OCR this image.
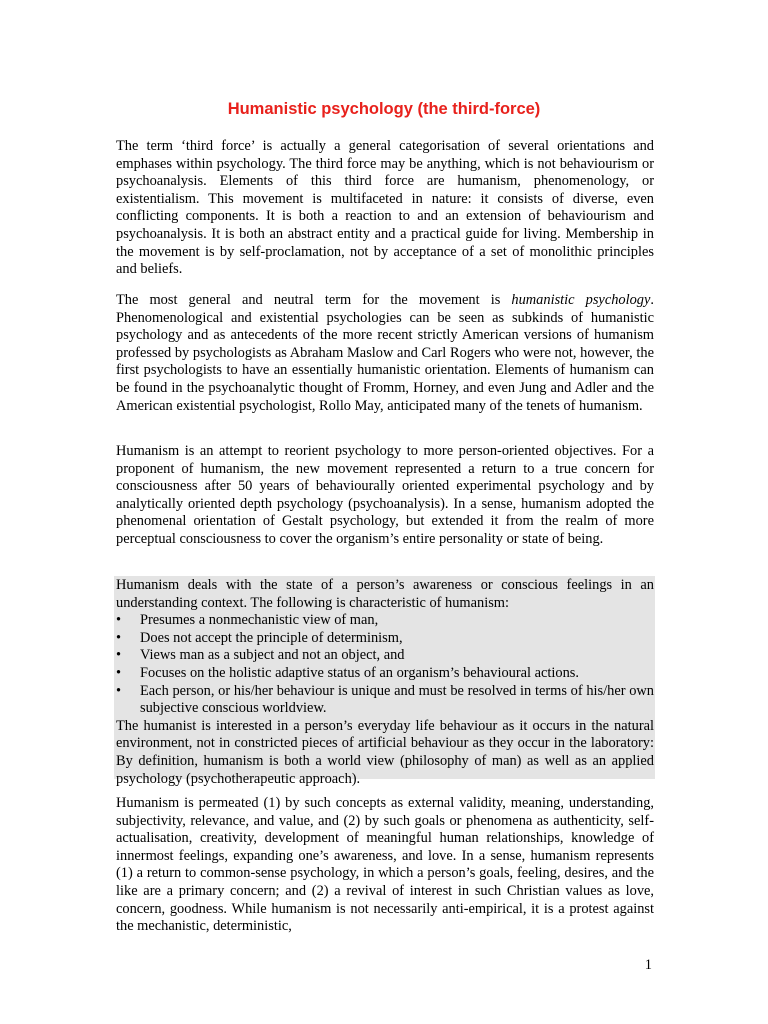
Humanistic psychology (the third-force)

The term ‘third force’ is actually a general categorisation of several orientations and emphases within psychology. The third force may be anything, which is not behaviourism or psychoanalysis. Elements of this third force are humanism, phenomenology, or existentialism. This movement is multifaceted in nature: it consists of diverse, even conflicting components. It is both a reaction to and an extension of behaviourism and psychoanalysis. It is both an abstract entity and a practical guide for living. Membership in the movement is by self-proclamation, not by acceptance of a set of monolithic principles and beliefs.

The most general and neutral term for the movement is humanistic psychology. Phenomenological and existential psychologies can be seen as subkinds of humanistic psychology and as antecedents of the more recent strictly American versions of humanism professed by psychologists as Abraham Maslow and Carl Rogers who were not, however, the first psychologists to have an essentially humanistic orientation. Elements of humanism can be found in the psychoanalytic thought of Fromm, Horney, and even Jung and Adler and the American existential psychologist, Rollo May, anticipated many of the tenets of humanism.

Humanism is an attempt to reorient psychology to more person-oriented objectives. For a proponent of humanism, the new movement represented a return to a true concern for consciousness after 50 years of behaviourally oriented experimental psychology and by analytically oriented depth psychology (psychoanalysis). In a sense, humanism adopted the phenomenal orientation of Gestalt psychology, but extended it from the realm of more perceptual consciousness to cover the organism’s entire personality or state of being.

Humanism deals with the state of a person’s awareness or conscious feelings in an understanding context. The following is characteristic of humanism:

• Presumes a nonmechanistic view of man,
• Does not accept the principle of determinism,
• Views man as a subject and not an object, and
• Focuses on the holistic adaptive status of an organism’s behavioural actions.
• Each person, or his/her behaviour is unique and must be resolved in terms of his/her own subjective conscious worldview.

The humanist is interested in a person’s everyday life behaviour as it occurs in the natural environment, not in constricted pieces of artificial behaviour as they occur in the laboratory: By definition, humanism is both a world view (philosophy of man) as well as an applied psychology (psychotherapeutic approach).

Humanism is permeated (1) by such concepts as external validity, meaning, understanding, subjectivity, relevance, and value, and (2) by such goals or phenomena as authenticity, self-actualisation, creativity, development of meaningful human relationships, knowledge of innermost feelings, expanding one’s awareness, and love. In a sense, humanism represents (1) a return to common-sense psychology, in which a person’s goals, feeling, desires, and the like are a primary concern; and (2) a revival of interest in such Christian values as love, concern, goodness. While humanism is not necessarily anti-empirical, it is a protest against the mechanistic, deterministic,

1
